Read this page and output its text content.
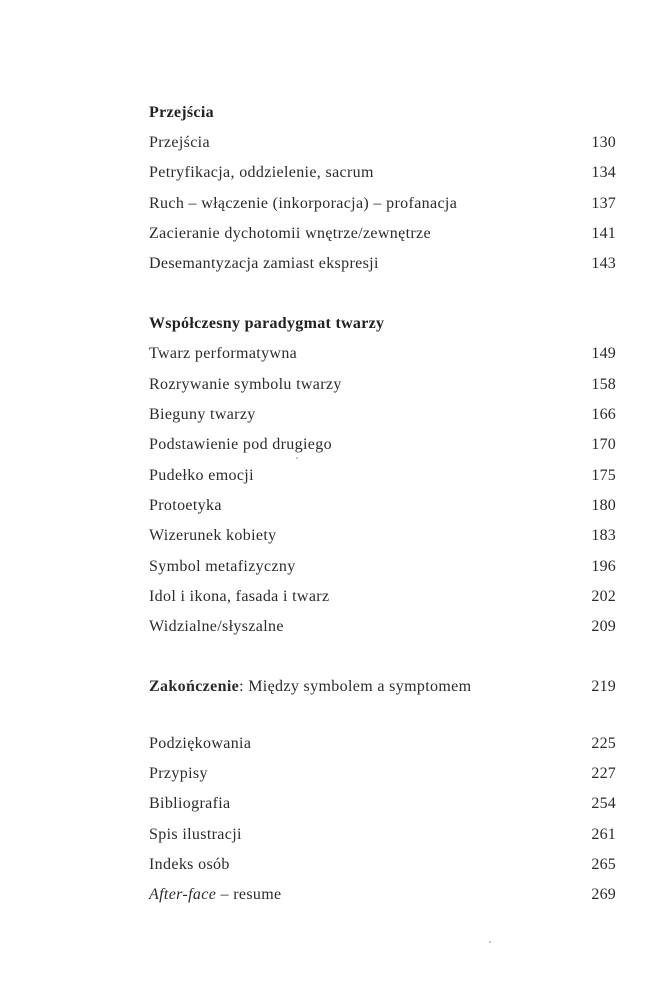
Przejścia
Przejścia	130
Petryfikacja, oddzielenie, sacrum	134
Ruch – włączenie (inkorporacja) – profanacja	137
Zacieranie dychotomii wnętrze/zewnętrze	141
Desemantyzacja zamiast ekspresji	143
Współczesny paradygmat twarzy
Twarz performatywna	149
Rozrywanie symbolu twarzy	158
Bieguny twarzy	166
Podstawienie pod drugiego	170
Pudełko emocji	175
Protoetyka	180
Wizerunek kobiety	183
Symbol metafizyczny	196
Idol i ikona, fasada i twarz	202
Widzialne/słyszalne	209
Zakończenie: Między symbolem a symptomem	219
Podziękowania	225
Przypisy	227
Bibliografia	254
Spis ilustracji	261
Indeks osób	265
After-face – resume	269
